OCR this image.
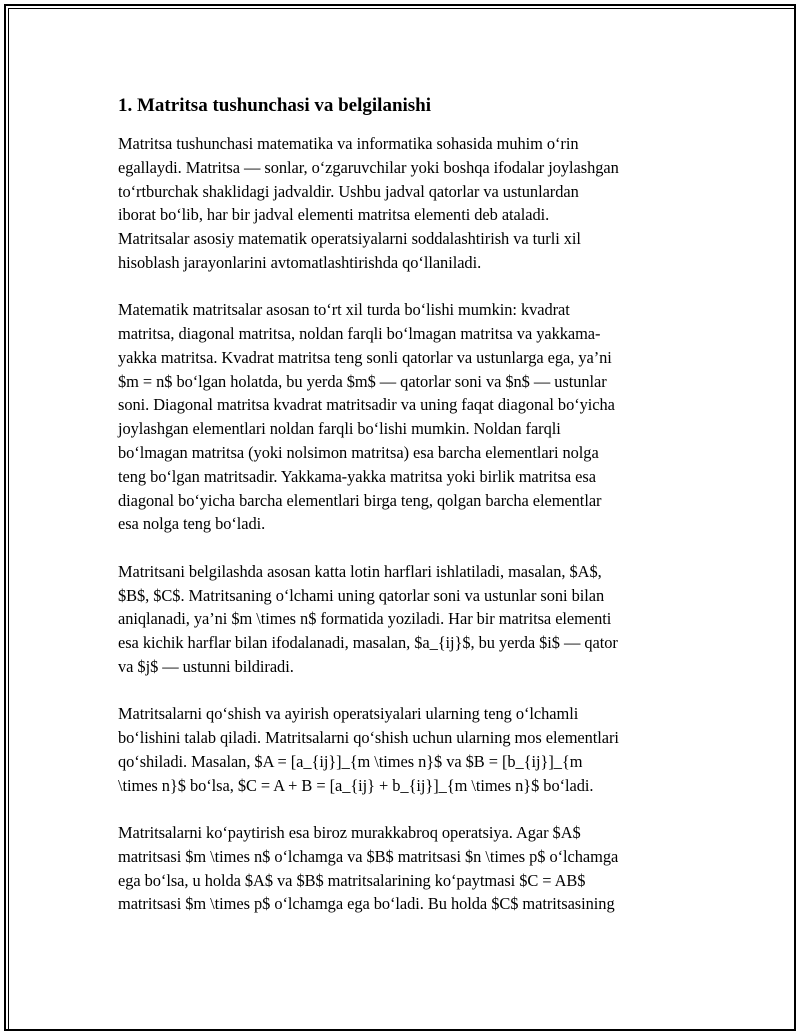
1. Matritsa tushunchasi va belgilanishi

Matritsa tushunchasi matematika va informatika sohasida muhim o‘rin
egallaydi. Matritsa — sonlar, o‘zgaruvchilar yoki boshqa ifodalar joylashgan
to‘rtburchak shaklidagi jadvaldir. Ushbu jadval qatorlar va ustunlardan
iborat bo‘lib, har bir jadval elementi matritsa elementi deb ataladi.
Matritsalar asosiy matematik operatsiyalarni soddalashtirish va turli xil
hisoblash jarayonlarini avtomatlashtirishda qo‘llaniladi.

Matematik matritsalar asosan to‘rt xil turda bo‘lishi mumkin: kvadrat
matritsa, diagonal matritsa, noldan farqli bo‘lmagan matritsa va yakkama-
yakka matritsa. Kvadrat matritsa teng sonli qatorlar va ustunlarga ega, ya’ni
$m = n$ bo‘lgan holatda, bu yerda $m$ — qatorlar soni va $n$ — ustunlar
soni. Diagonal matritsa kvadrat matritsadir va uning faqat diagonal bo‘yicha
joylashgan elementlari noldan farqli bo‘lishi mumkin. Noldan farqli
bo‘lmagan matritsa (yoki nolsimon matritsa) esa barcha elementlari nolga
teng bo‘lgan matritsadir. Yakkama-yakka matritsa yoki birlik matritsa esa
diagonal bo‘yicha barcha elementlari birga teng, qolgan barcha elementlar
esa nolga teng bo‘ladi.

Matritsani belgilashda asosan katta lotin harflari ishlatiladi, masalan, $A$,
$B$, $C$. Matritsaning o‘lchami uning qatorlar soni va ustunlar soni bilan
aniqlanadi, ya’ni $m \times n$ formatida yoziladi. Har bir matritsa elementi
esa kichik harflar bilan ifodalanadi, masalan, $a_{ij}$, bu yerda $i$ — qator
va $j$ — ustunni bildiradi.

Matritsalarni qo‘shish va ayirish operatsiyalari ularning teng o‘lchamli
bo‘lishini talab qiladi. Matritsalarni qo‘shish uchun ularning mos elementlari
qo‘shiladi. Masalan, $A = [a_{ij}]_{m \times n}$ va $B = [b_{ij}]_{m
\times n}$ bo‘lsa, $C = A + B = [a_{ij} + b_{ij}]_{m \times n}$ bo‘ladi.

Matritsalarni ko‘paytirish esa biroz murakkabroq operatsiya. Agar $A$
matritsasi $m \times n$ o‘lchamga va $B$ matritsasi $n \times p$ o‘lchamga
ega bo‘lsa, u holda $A$ va $B$ matritsalarining ko‘paytmasi $C = AB$
matritsasi $m \times p$ o‘lchamga ega bo‘ladi. Bu holda $C$ matritsasining
